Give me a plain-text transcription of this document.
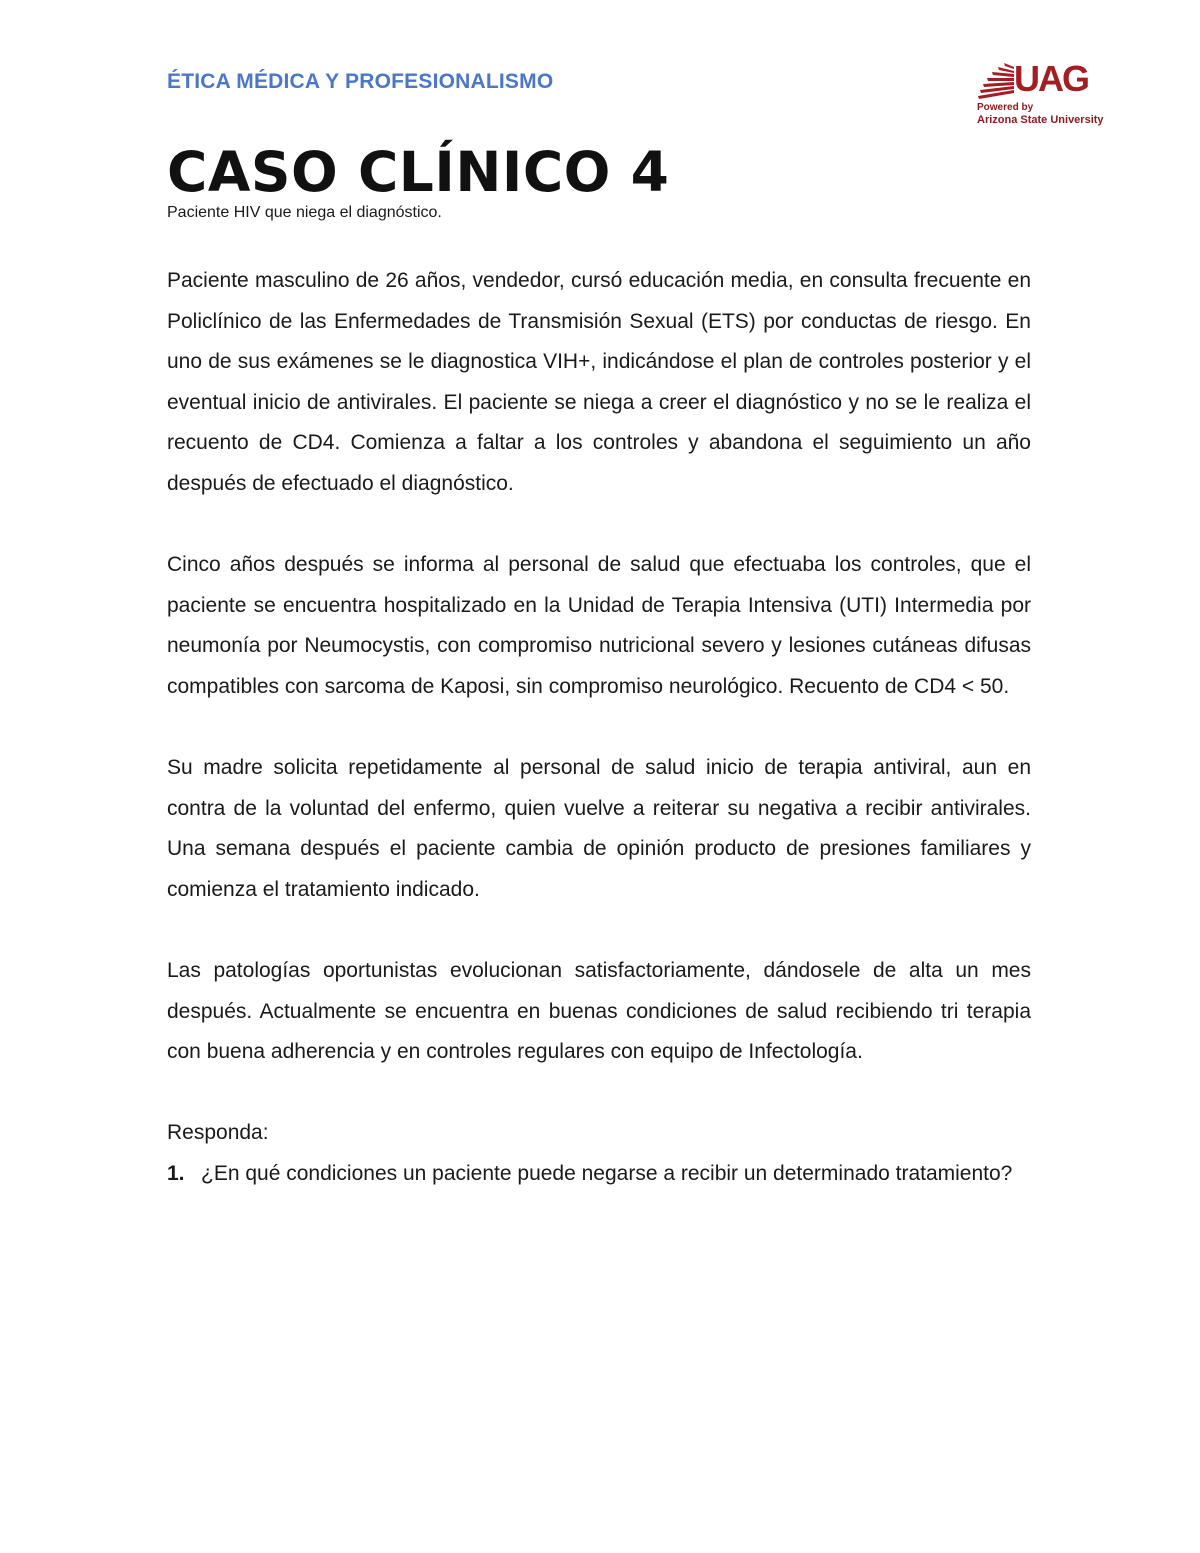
ÉTICA MÉDICA Y PROFESIONALISMO	UAG
Powered by
Arizona State University
CASO CLÍNICO 4
Paciente HIV que niega el diagnóstico.

Paciente masculino de 26 años, vendedor, cursó educación media, en consulta frecuente en Policlínico de las Enfermedades de Transmisión Sexual (ETS) por conductas de riesgo. En uno de sus exámenes se le diagnostica VIH+, indicándose el plan de controles posterior y el eventual inicio de antivirales. El paciente se niega a creer el diagnóstico y no se le realiza el recuento de CD4. Comienza a faltar a los controles y abandona el seguimiento un año después de efectuado el diagnóstico.

Cinco años después se informa al personal de salud que efectuaba los controles, que el paciente se encuentra hospitalizado en la Unidad de Terapia Intensiva (UTI) Intermedia por neumonía por Neumocystis, con compromiso nutricional severo y lesiones cutáneas difusas compatibles con sarcoma de Kaposi, sin compromiso neurológico. Recuento de CD4 < 50.

Su madre solicita repetidamente al personal de salud inicio de terapia antiviral, aun en contra de la voluntad del enfermo, quien vuelve a reiterar su negativa a recibir antivirales. Una semana después el paciente cambia de opinión producto de presiones familiares y comienza el tratamiento indicado.

Las patologías oportunistas evolucionan satisfactoriamente, dándosele de alta un mes después. Actualmente se encuentra en buenas condiciones de salud recibiendo tri terapia con buena adherencia y en controles regulares con equipo de Infectología.

Responda:

1. ¿En qué condiciones un paciente puede negarse a recibir un determinado tratamiento?
